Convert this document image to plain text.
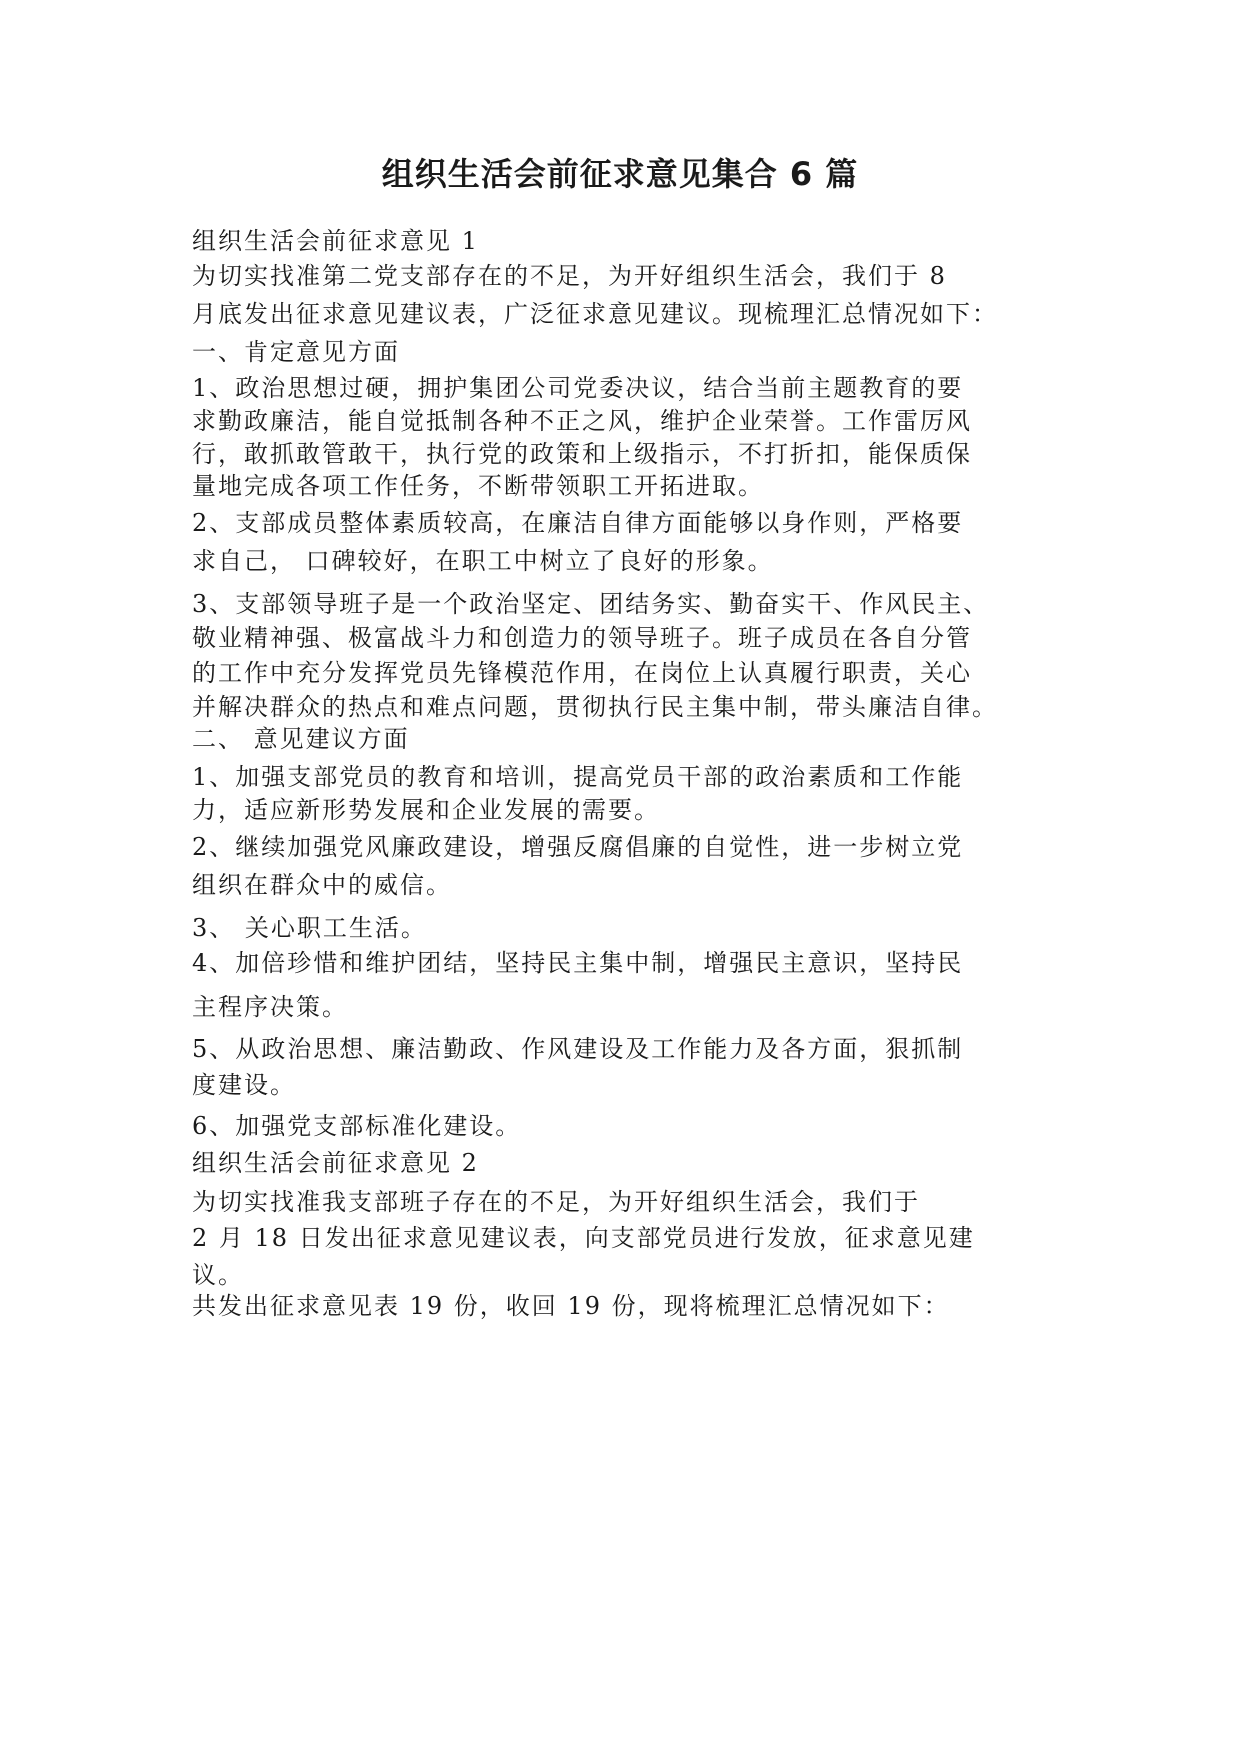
组织生活会前征求意见集合 6 篇
组织生活会前征求意见 1
为切实找准第二党支部存在的不足，为开好组织生活会，我们于 8
月底发出征求意见建议表，广泛征求意见建议。现梳理汇总情况如下：
一、肯定意见方面
1、政治思想过硬，拥护集团公司党委决议，结合当前主题教育的要
求勤政廉洁，能自觉抵制各种不正之风，维护企业荣誉。工作雷厉风
行，敢抓敢管敢干，执行党的政策和上级指示，不打折扣，能保质保
量地完成各项工作任务，不断带领职工开拓进取。
2、支部成员整体素质较高，在廉洁自律方面能够以身作则，严格要
求自己， 口碑较好，在职工中树立了良好的形象。
3、支部领导班子是一个政治坚定、团结务实、勤奋实干、作风民主、
敬业精神强、极富战斗力和创造力的领导班子。班子成员在各自分管
的工作中充分发挥党员先锋模范作用，在岗位上认真履行职责，关心
并解决群众的热点和难点问题，贯彻执行民主集中制，带头廉洁自律。
二、 意见建议方面
1、加强支部党员的教育和培训，提高党员干部的政治素质和工作能
力，适应新形势发展和企业发展的需要。
2、继续加强党风廉政建设，增强反腐倡廉的自觉性，进一步树立党
组织在群众中的威信。
3、 关心职工生活。
4、加倍珍惜和维护团结，坚持民主集中制，增强民主意识，坚持民
主程序决策。
5、从政治思想、廉洁勤政、作风建设及工作能力及各方面，狠抓制
度建设。
6、加强党支部标准化建设。
组织生活会前征求意见 2
为切实找准我支部班子存在的不足，为开好组织生活会，我们于
2 月 18 日发出征求意见建议表，向支部党员进行发放，征求意见建
议。
共发出征求意见表 19 份，收回 19 份，现将梳理汇总情况如下：
